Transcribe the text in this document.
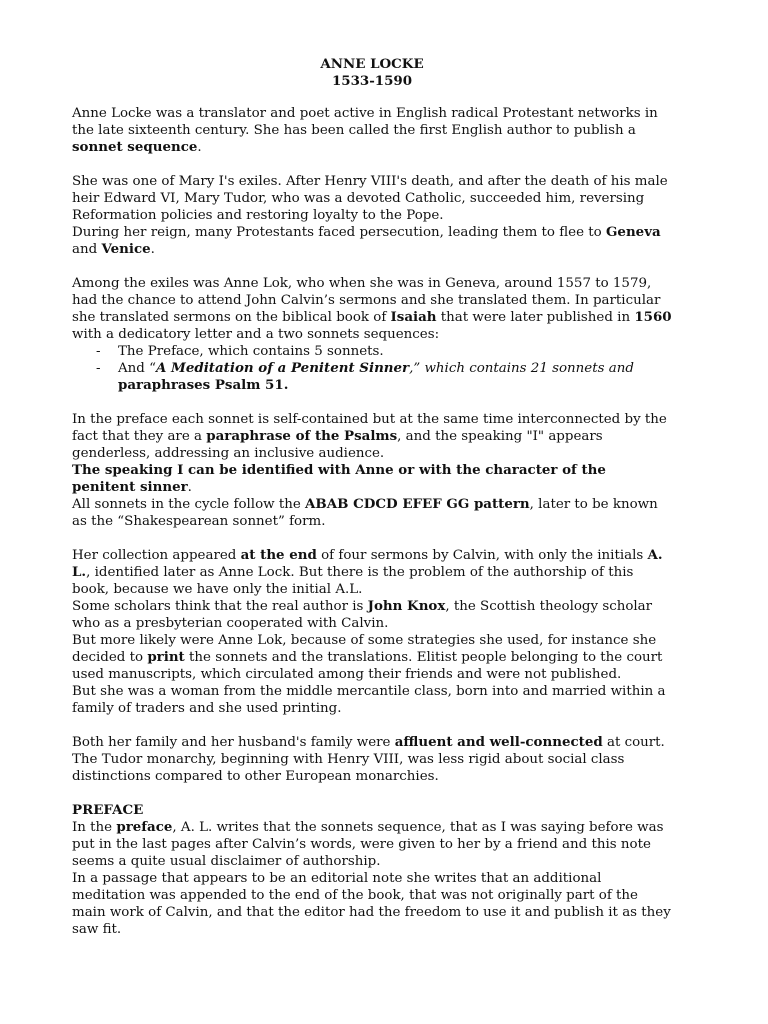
ANNE LOCKE
1533-1590

Anne Locke was a translator and poet active in English radical Protestant networks in the late sixteenth century. She has been called the first English author to publish a sonnet sequence.

She was one of Mary I's exiles. After Henry VIII's death, and after the death of his male heir Edward VI, Mary Tudor, who was a devoted Catholic, succeeded him, reversing Reformation policies and restoring loyalty to the Pope.

During her reign, many Protestants faced persecution, leading them to flee to Geneva and Venice.

Among the exiles was Anne Lok, who when she was in Geneva, around 1557 to 1579, had the chance to attend John Calvin’s sermons and she translated them. In particular she translated sermons on the biblical book of Isaiah that were later published in 1560 with a dedicatory letter and a two sonnets sequences:

- The Preface, which contains 5 sonnets.
- And “A Meditation of a Penitent Sinner,” which contains 21 sonnets and paraphrases Psalm 51.

In the preface each sonnet is self-contained but at the same time interconnected by the fact that they are a paraphrase of the Psalms, and the speaking "I" appears genderless, addressing an inclusive audience.

The speaking I can be identified with Anne or with the character of the penitent sinner.

All sonnets in the cycle follow the ABAB CDCD EFEF GG pattern, later to be known as the “Shakespearean sonnet” form.

Her collection appeared at the end of four sermons by Calvin, with only the initials A. L., identified later as Anne Lock. But there is the problem of the authorship of this book, because we have only the initial A.L.

Some scholars think that the real author is John Knox, the Scottish theology scholar who as a presbyterian cooperated with Calvin.

But more likely were Anne Lok, because of some strategies she used, for instance she decided to print the sonnets and the translations. Elitist people belonging to the court used manuscripts, which circulated among their friends and were not published.

But she was a woman from the middle mercantile class, born into and married within a family of traders and she used printing.

Both her family and her husband's family were affluent and well-connected at court. The Tudor monarchy, beginning with Henry VIII, was less rigid about social class distinctions compared to other European monarchies.

PREFACE

In the preface, A. L. writes that the sonnets sequence, that as I was saying before was put in the last pages after Calvin’s words, were given to her by a friend and this note seems a quite usual disclaimer of authorship.

In a passage that appears to be an editorial note she writes that an additional meditation was appended to the end of the book, that was not originally part of the main work of Calvin, and that the editor had the freedom to use it and publish it as they saw fit.
